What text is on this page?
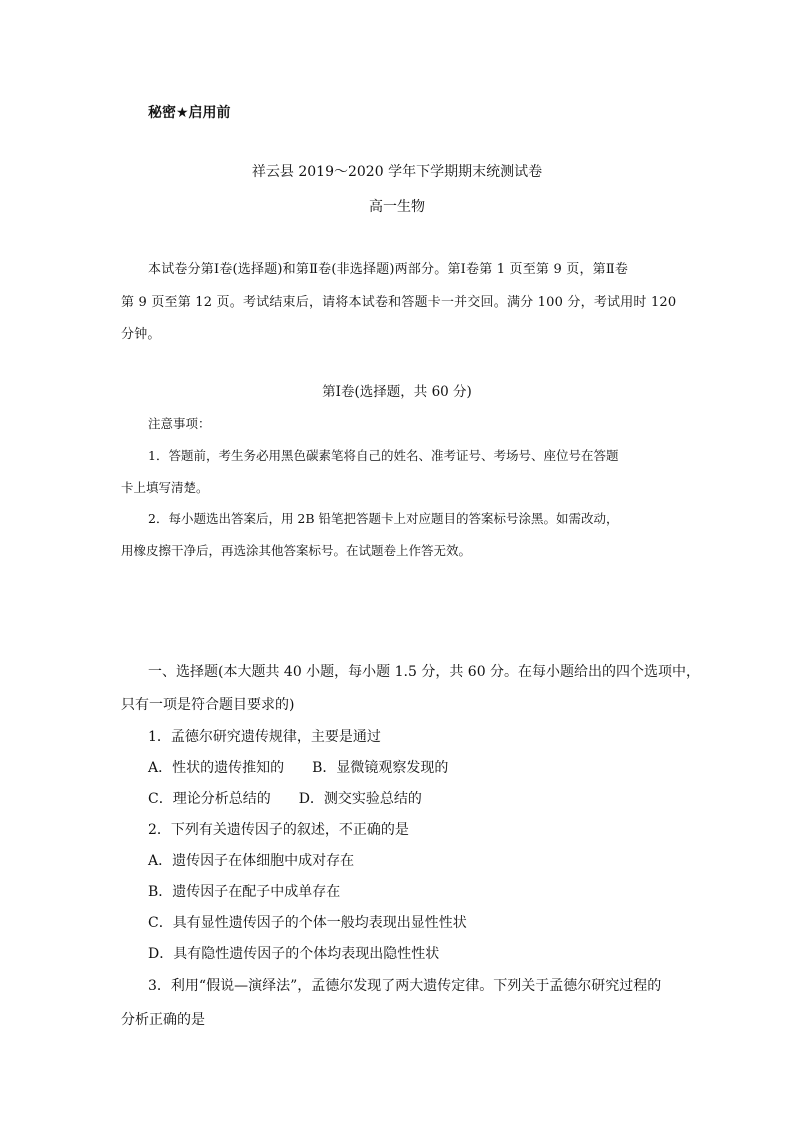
秘密★启用前
祥云县 2019～2020 学年下学期期末统测试卷
高一生物
本试卷分第Ⅰ卷(选择题)和第Ⅱ卷(非选择题)两部分。第Ⅰ卷第 1 页至第 9 页，第Ⅱ卷
第 9 页至第 12 页。考试结束后，请将本试卷和答题卡一并交回。满分 100 分，考试用时 120
分钟。
第Ⅰ卷(选择题，共 60 分)
注意事项：
1．答题前，考生务必用黑色碳素笔将自己的姓名、准考证号、考场号、座位号在答题
卡上填写清楚。
2．每小题选出答案后，用 2B 铅笔把答题卡上对应题目的答案标号涂黑。如需改动，
用橡皮擦干净后，再选涂其他答案标号。在试题卷上作答无效。
一、选择题(本大题共 40 小题，每小题 1.5 分，共 60 分。在每小题给出的四个选项中，
只有一项是符合题目要求的)
1．孟德尔研究遗传规律，主要是通过
A．性状的遗传推知的　　B．显微镜观察发现的
C．理论分析总结的　　D．测交实验总结的
2．下列有关遗传因子的叙述，不正确的是
A．遗传因子在体细胞中成对存在
B．遗传因子在配子中成单存在
C．具有显性遗传因子的个体一般均表现出显性性状
D．具有隐性遗传因子的个体均表现出隐性性状
3．利用“假说—演绎法”，孟德尔发现了两大遗传定律。下列关于孟德尔研究过程的
分析正确的是
